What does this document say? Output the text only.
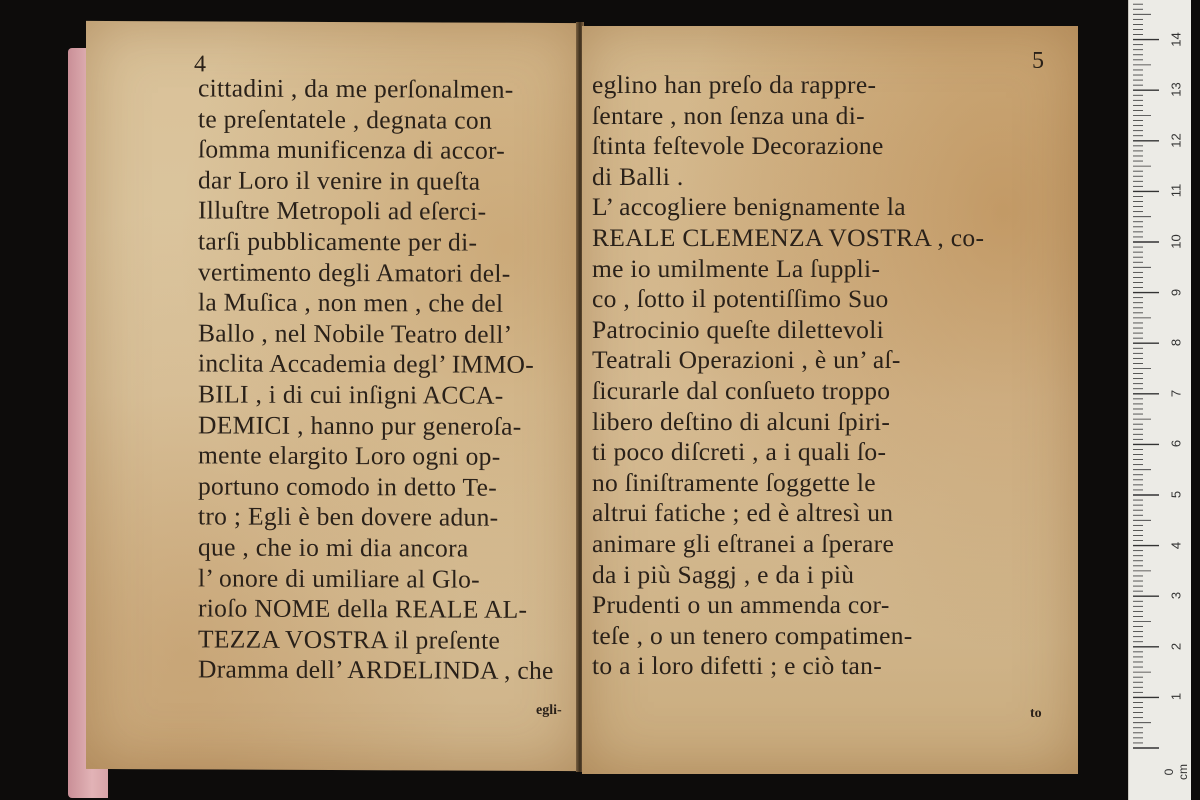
4
cittadini , da me perſonalmen-
te preſentatele , degnata con
ſomma munificenza di accor-
dar Loro il venire in queſta
Illuſtre Metropoli ad eſerci-
tarſi pubblicamente per di-
vertimento degli Amatori del-
la Muſica , non men , che del
Ballo , nel Nobile Teatro dell’
inclita Accademia degl’ IMMO-
BILI , i di cui inſigni ACCA-
DEMICI , hanno pur generoſa-
mente elargito Loro ogni op-
portuno comodo in detto Te-
tro ; Egli è ben dovere adun-
que , che io mi dia ancora
l’ onore di umiliare al Glo-
rioſo NOME della REALE AL-
TEZZA VOSTRA il preſente
Dramma dell’ ARDELINDA , che
egli-
5
eglino han preſo da rappre-
ſentare , non ſenza una di-
ſtinta feſtevole Decorazione
di Balli .
L’ accogliere benignamente la
REALE CLEMENZA VOSTRA , co-
me io umilmente La ſuppli-
co , ſotto il potentiſſimo Suo
Patrocinio queſte dilettevoli
Teatrali Operazioni , è un’ aſ-
ſicurarle dal conſueto troppo
libero deſtino di alcuni ſpiri-
ti poco diſcreti , a i quali ſo-
no ſiniſtramente ſoggette le
altrui fatiche ; ed è altresì un
animare gli eſtranei a ſperare
da i più Saggj , e da i più
Prudenti o un ammenda cor-
teſe , o un tenero compatimen-
to a i loro difetti ; e ciò tan-
to
1
2
3
4
5
6
7
8
9
10
11
12
13
14
0 cm
